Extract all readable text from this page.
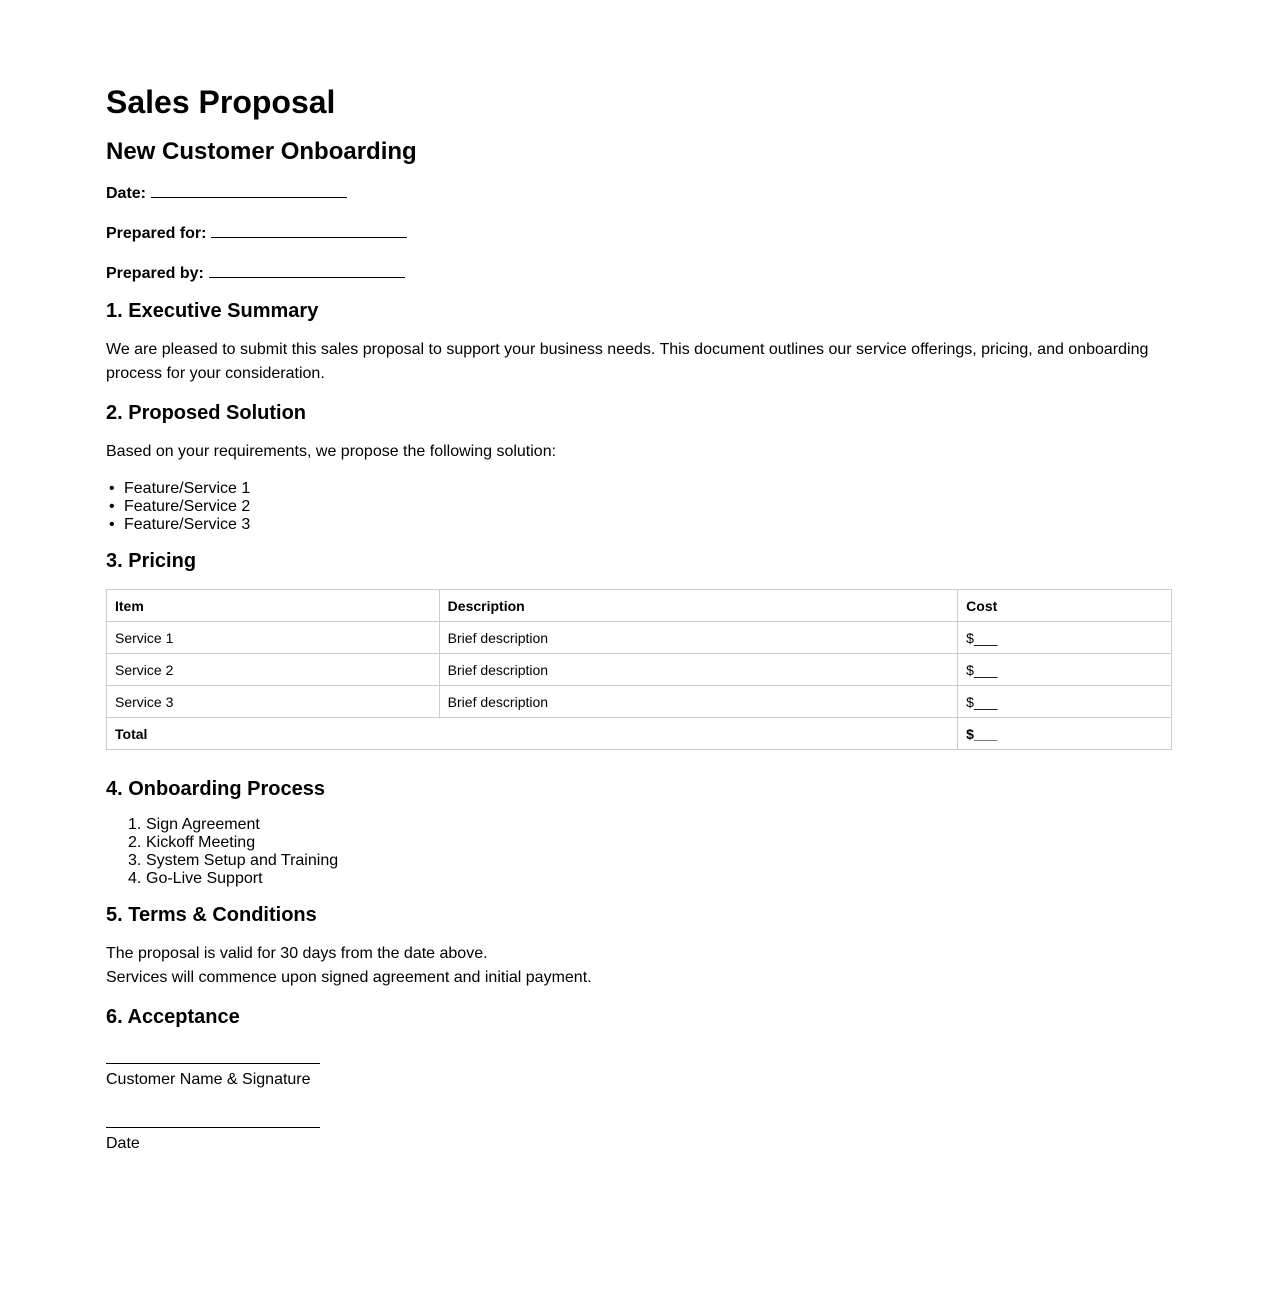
Sales Proposal
New Customer Onboarding
Date:
Prepared for:
Prepared by:
1. Executive Summary
We are pleased to submit this sales proposal to support your business needs. This document outlines our service offerings, pricing, and onboarding process for your consideration.
2. Proposed Solution
Based on your requirements, we propose the following solution:
• Feature/Service 1
• Feature/Service 2
• Feature/Service 3
3. Pricing
Item	Description	Cost
Service 1	Brief description	$___
Service 2	Brief description	$___
Service 3	Brief description	$___
Total		$___
4. Onboarding Process
1. Sign Agreement
2. Kickoff Meeting
3. System Setup and Training
4. Go-Live Support
5. Terms & Conditions
The proposal is valid for 30 days from the date above.
Services will commence upon signed agreement and initial payment.
6. Acceptance
Customer Name & Signature
Date
